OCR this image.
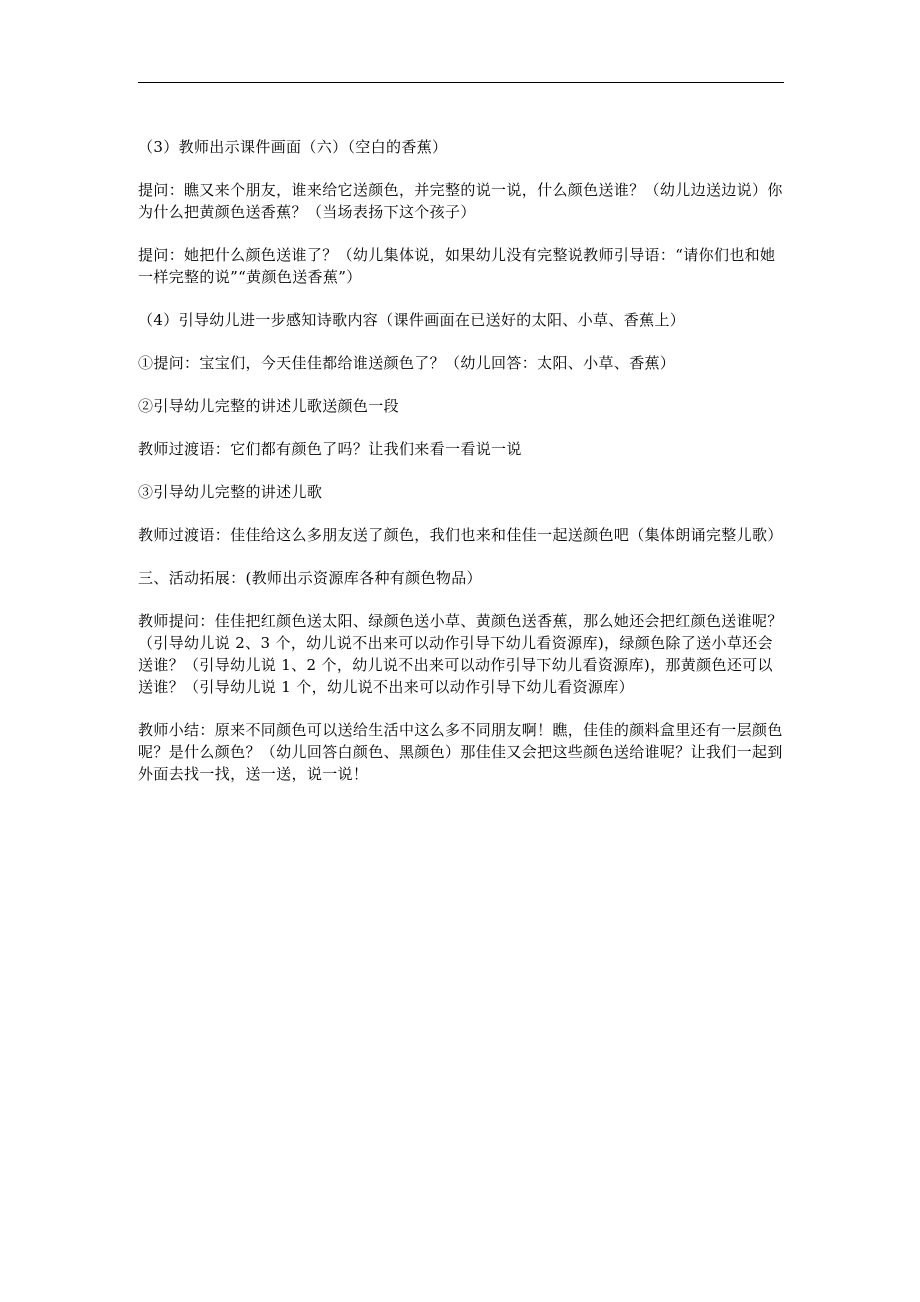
（3）教师出示课件画面（六）（空白的香蕉）

提问：瞧又来个朋友，谁来给它送颜色，并完整的说一说，什么颜色送谁？（幼儿边送边说）你为什么把黄颜色送香蕉？（当场表扬下这个孩子）

提问：她把什么颜色送谁了？（幼儿集体说，如果幼儿没有完整说教师引导语：“请你们也和她一样完整的说”“黄颜色送香蕉”）

（4）引导幼儿进一步感知诗歌内容（课件画面在已送好的太阳、小草、香蕉上）

①提问：宝宝们，今天佳佳都给谁送颜色了？（幼儿回答：太阳、小草、香蕉）

②引导幼儿完整的讲述儿歌送颜色一段

教师过渡语：它们都有颜色了吗？让我们来看一看说一说

③引导幼儿完整的讲述儿歌

教师过渡语：佳佳给这么多朋友送了颜色，我们也来和佳佳一起送颜色吧（集体朗诵完整儿歌）

三、活动拓展：(教师出示资源库各种有颜色物品）

教师提问：佳佳把红颜色送太阳、绿颜色送小草、黄颜色送香蕉，那么她还会把红颜色送谁呢？（引导幼儿说 2、3 个，幼儿说不出来可以动作引导下幼儿看资源库)，绿颜色除了送小草还会送谁？（引导幼儿说 1、2 个，幼儿说不出来可以动作引导下幼儿看资源库)，那黄颜色还可以送谁？（引导幼儿说 1 个，幼儿说不出来可以动作引导下幼儿看资源库）

教师小结：原来不同颜色可以送给生活中这么多不同朋友啊！瞧，佳佳的颜料盒里还有一层颜色呢？是什么颜色？（幼儿回答白颜色、黑颜色）那佳佳又会把这些颜色送给谁呢？让我们一起到外面去找一找，送一送，说一说！
